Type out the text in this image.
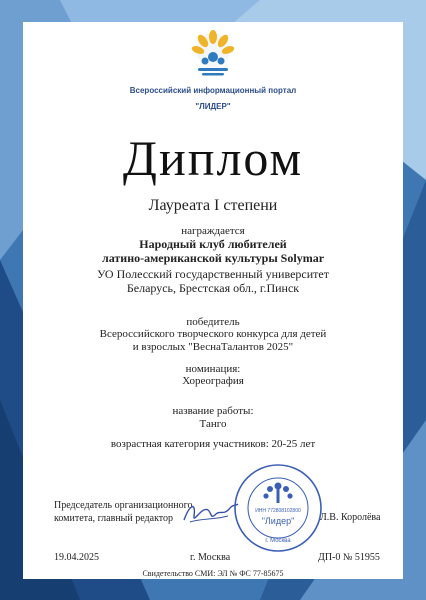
Всероссийский информационный портал
"ЛИДЕР"
Диплом
Лауреата I степени
награждается
Народный клуб любителей
латино-американской культуры Solymar
УО Полесский государственный университет
Беларусь, Брестская обл., г.Пинск
победитель
Всероссийского творческого конкурса для детей
и взрослых "ВеснаТалантов 2025"
номинация:
Хореография
название работы:
Танго
возрастная категория участников: 20-25 лет
Председатель организационного
комитета, главный редактор
ИНН 772808102800
"Лидер"
г. Москва
Л.В. Королёва
19.04.2025	г. Москва	ДП-0 № 51955
Свидетельство СМИ: ЭЛ № ФС 77-85675
